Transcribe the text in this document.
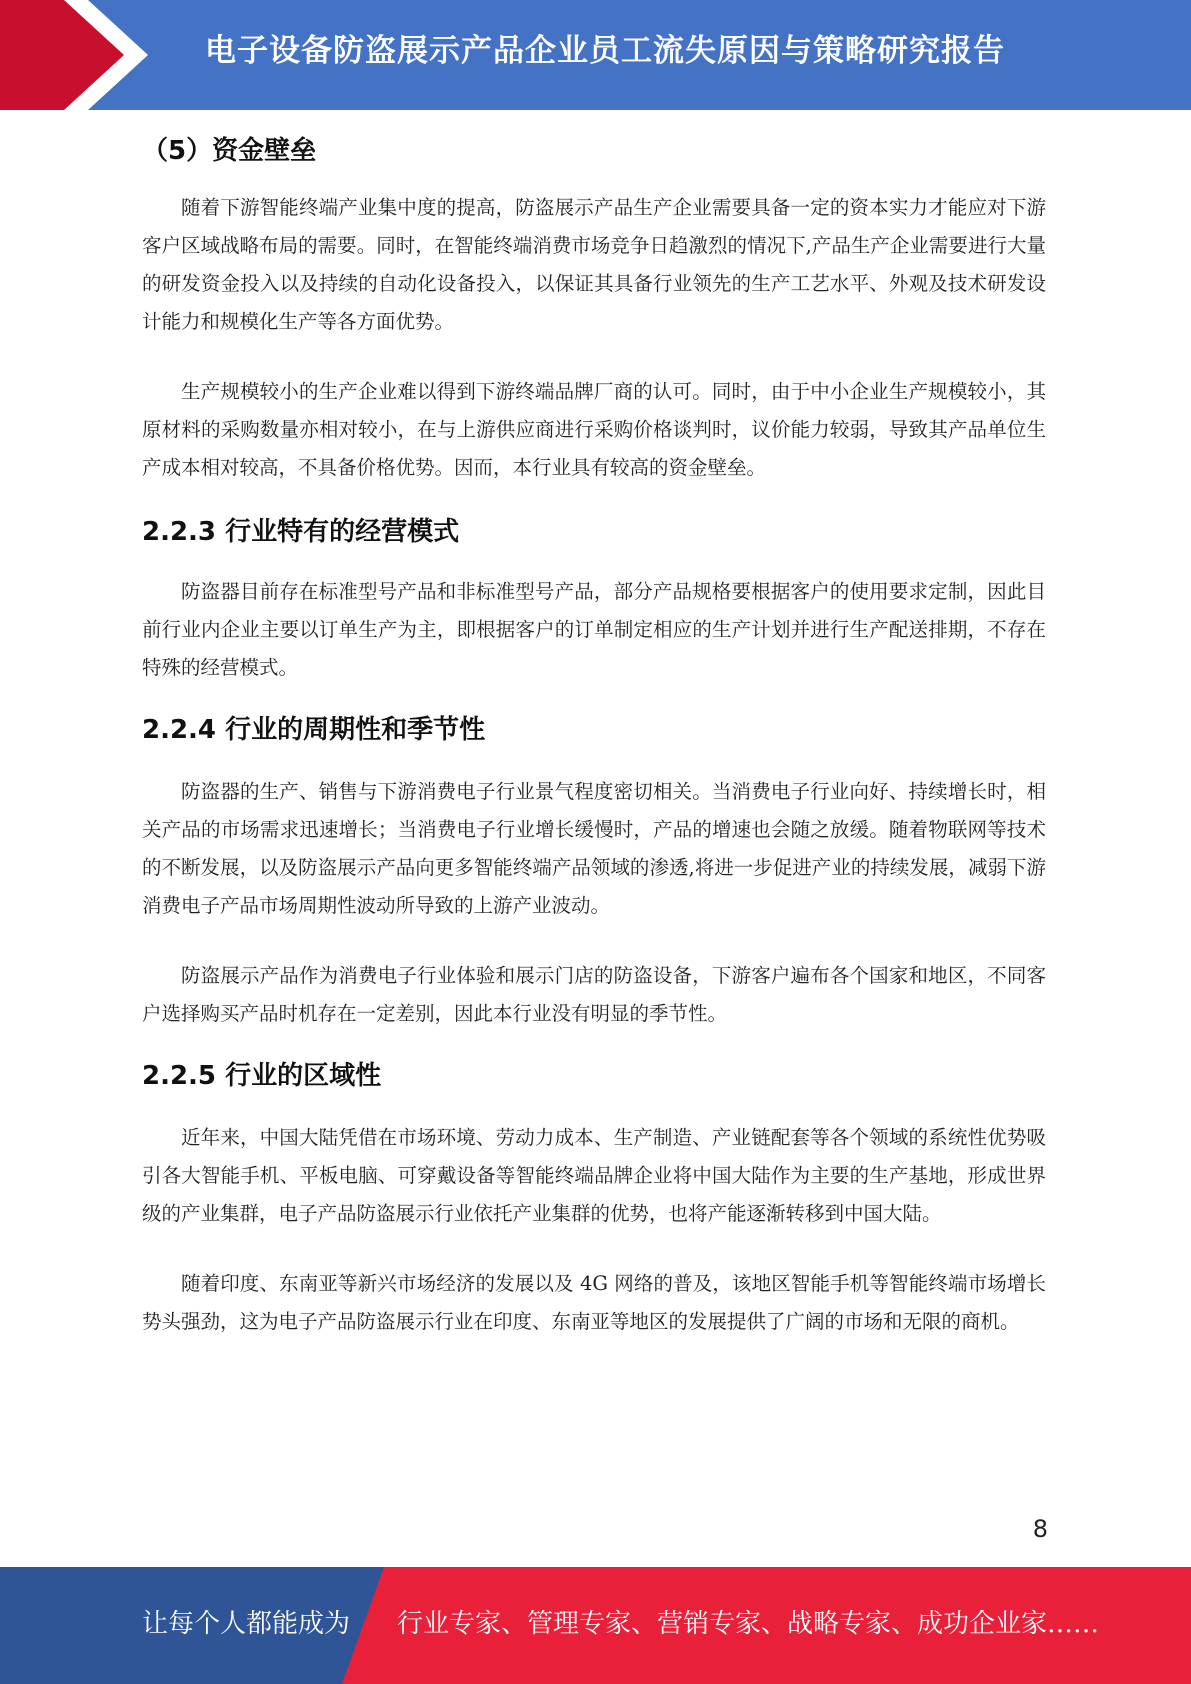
电子设备防盗展示产品企业员工流失原因与策略研究报告
（5）资金壁垒

随着下游智能终端产业集中度的提高，防盗展示产品生产企业需要具备一定的资本实力才能应对下游客户区域战略布局的需要。同时，在智能终端消费市场竞争日趋激烈的情况下,产品生产企业需要进行大量的研发资金投入以及持续的自动化设备投入，以保证其具备行业领先的生产工艺水平、外观及技术研发设计能力和规模化生产等各方面优势。

生产规模较小的生产企业难以得到下游终端品牌厂商的认可。同时，由于中小企业生产规模较小，其原材料的采购数量亦相对较小，在与上游供应商进行采购价格谈判时，议价能力较弱，导致其产品单位生产成本相对较高，不具备价格优势。因而，本行业具有较高的资金壁垒。

2.2.3 行业特有的经营模式

防盗器目前存在标准型号产品和非标准型号产品，部分产品规格要根据客户的使用要求定制，因此目前行业内企业主要以订单生产为主，即根据客户的订单制定相应的生产计划并进行生产配送排期，不存在特殊的经营模式。

2.2.4 行业的周期性和季节性

防盗器的生产、销售与下游消费电子行业景气程度密切相关。当消费电子行业向好、持续增长时，相关产品的市场需求迅速增长；当消费电子行业增长缓慢时，产品的增速也会随之放缓。随着物联网等技术的不断发展，以及防盗展示产品向更多智能终端产品领域的渗透,将进一步促进产业的持续发展，减弱下游消费电子产品市场周期性波动所导致的上游产业波动。

防盗展示产品作为消费电子行业体验和展示门店的防盗设备，下游客户遍布各个国家和地区，不同客户选择购买产品时机存在一定差别，因此本行业没有明显的季节性。

2.2.5 行业的区域性

近年来，中国大陆凭借在市场环境、劳动力成本、生产制造、产业链配套等各个领域的系统性优势吸引各大智能手机、平板电脑、可穿戴设备等智能终端品牌企业将中国大陆作为主要的生产基地，形成世界级的产业集群，电子产品防盗展示行业依托产业集群的优势，也将产能逐渐转移到中国大陆。

随着印度、东南亚等新兴市场经济的发展以及 4G 网络的普及，该地区智能手机等智能终端市场增长势头强劲，这为电子产品防盗展示行业在印度、东南亚等地区的发展提供了广阔的市场和无限的商机。

8
让每个人都能成为 行业专家、管理专家、营销专家、战略专家、成功企业家……
